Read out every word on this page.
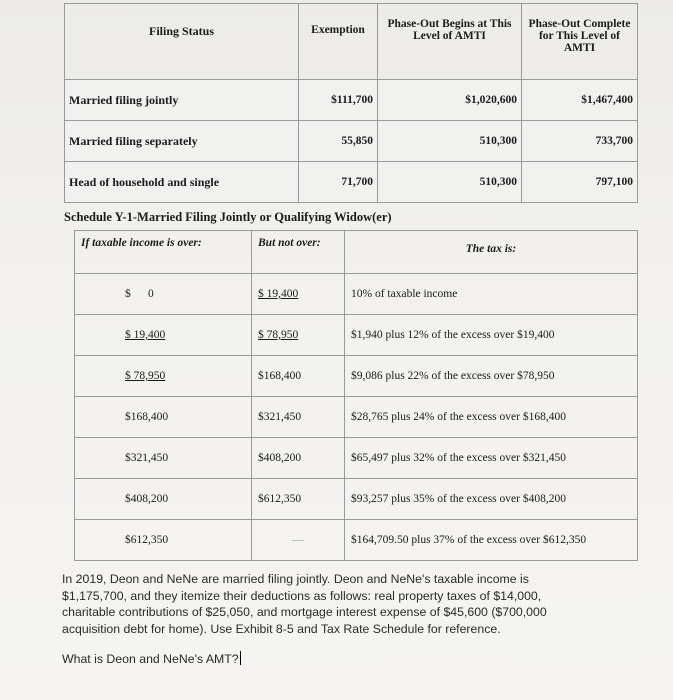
Filing Status	Exemption	Phase-Out Begins at This Level of AMTI	Phase-Out Complete for This Level of AMTI
Married filing jointly	$111,700	$1,020,600	$1,467,400
Married filing separately	55,850	510,300	733,700
Head of household and single	71,700	510,300	797,100
Schedule Y-1-Married Filing Jointly or Qualifying Widow(er)
If taxable income is over:	But not over:	The tax is:
$      0	$ 19,400	10% of taxable income
$ 19,400	$ 78,950	$1,940 plus 12% of the excess over $19,400
$ 78,950	$168,400	$9,086 plus 22% of the excess over $78,950
$168,400	$321,450	$28,765 plus 24% of the excess over $168,400
$321,450	$408,200	$65,497 plus 32% of the excess over $321,450
$408,200	$612,350	$93,257 plus 35% of the excess over $408,200
$612,350	—	$164,709.50 plus 37% of the excess over $612,350

In 2019, Deon and NeNe are married filing jointly. Deon and NeNe's taxable income is $1,175,700, and they itemize their deductions as follows: real property taxes of $14,000, charitable contributions of $25,050, and mortgage interest expense of $45,600 ($700,000 acquisition debt for home). Use Exhibit 8-5 and Tax Rate Schedule for reference.

What is Deon and NeNe's AMT?
